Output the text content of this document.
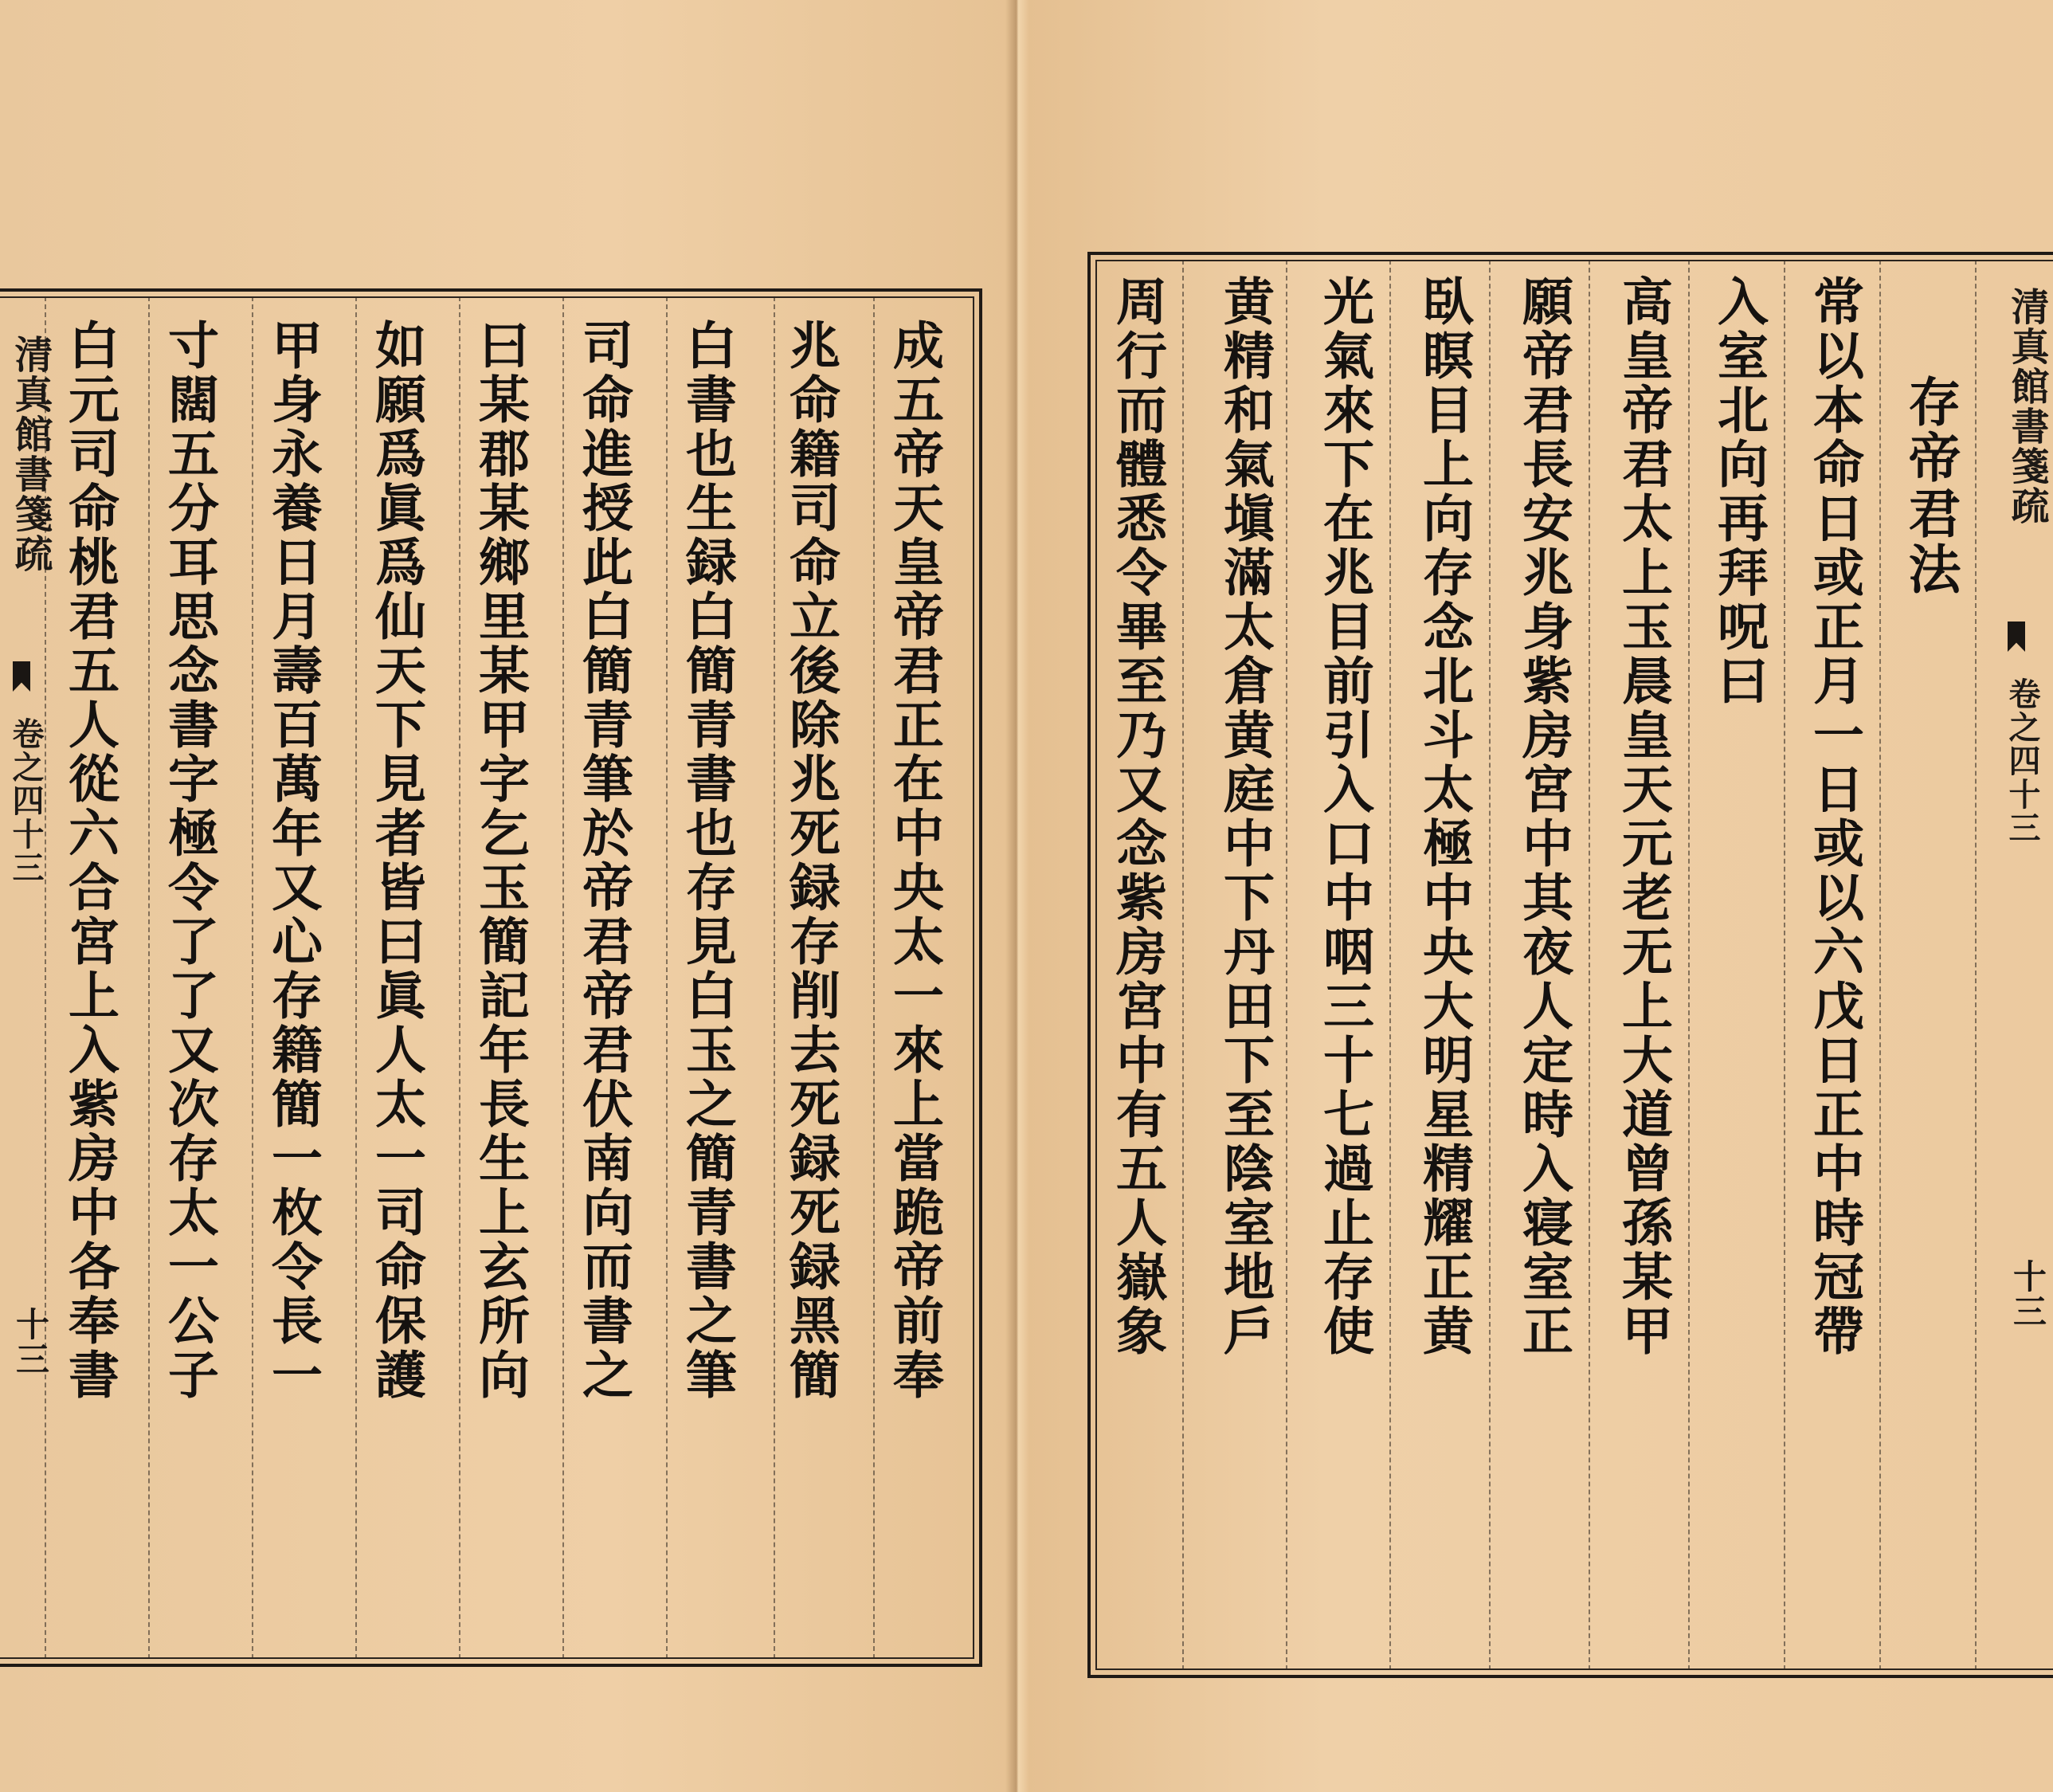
成五帝天皇帝君正在中央太一來上當跪帝前奉
兆命籍司命立後除兆死録存削去死録死録黑簡
白書也生録白簡青書也存見白玉之簡青書之筆
司命進授此白簡青筆於帝君帝君伏南向而書之
曰某郡某鄉里某甲字乞玉簡記年長生上玄所向
如願爲眞爲仙天下見者皆曰眞人太一司命保護
甲身永養日月壽百萬年又心存籍簡一枚令長一
寸闊五分耳思念書字極令了了又次存太一公子
白元司命桃君五人從六合宮上入紫房中各奉書
清真館書箋疏
卷之四十三
十三
存帝君法
常以本命日或正月一日或以六戊日正中時冠帶
入室北向再拜呪曰
高皇帝君太上玉晨皇天元老无上大道曾孫某甲
願帝君長安兆身紫房宮中其夜人定時入寝室正
臥瞑目上向存念北斗太極中央大明星精耀正黄
光氣來下在兆目前引入口中咽三十七過止存使
黄精和氣塡滿太倉黄庭中下丹田下至陰室地戶
周行而體悉令畢至乃又念紫房宮中有五人嶽象	清真館書箋疏
卷之四十三
十三
